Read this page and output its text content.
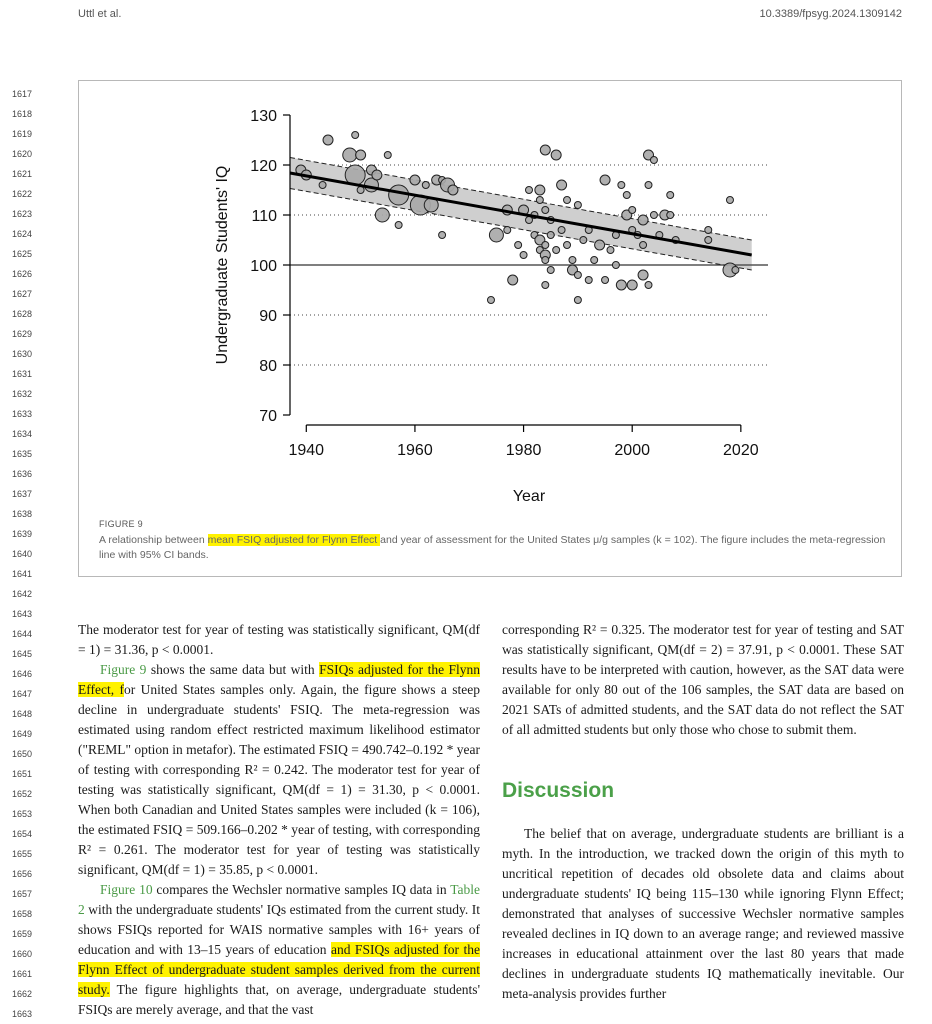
Uttl et al.	10.3389/fpsyg.2024.1309142
1617
1618
1619
1620
1621
1622
1623
1624
1625
1626
1627
1628
1629
1630
1631
1632
1633
1634
1635
1636
1637
1638
1639
1640
1641
1642
1643
1644
1645
1646
1647
1648
1649
1650
1651
1652
1653
1654
1655
1656
1657
1658
1659
1660
1661
1662
1663
70
80
90
100
110
120
130
1940	1960	1980	2000	2020
Year
Undergraduate Students' IQ
FIGURE 9
A relationship between mean FSIQ adjusted for Flynn Effect and year of assessment for the United States μ/g samples (k = 102). The figure includes the meta-regression line with 95% CI bands.

The moderator test for year of testing was statistically significant, QM(df = 1) = 31.36, p < 0.0001.

Figure 9 shows the same data but with FSIQs adjusted for the Flynn Effect, for United States samples only. Again, the figure shows a steep decline in undergraduate students' FSIQ. The meta-regression was estimated using random effect restricted maximum likelihood estimator ("REML" option in metafor). The estimated FSIQ = 490.742–0.192 * year of testing with corresponding R² = 0.242. The moderator test for year of testing was statistically significant, QM(df = 1) = 31.30, p < 0.0001. When both Canadian and United States samples were included (k = 106), the estimated FSIQ = 509.166–0.202 * year of testing, with corresponding R² = 0.261. The moderator test for year of testing was statistically significant, QM(df = 1) = 35.85, p < 0.0001.

Figure 10 compares the Wechsler normative samples IQ data in Table 2 with the undergraduate students' IQs estimated from the current study. It shows FSIQs reported for WAIS normative samples with 16+ years of education and with 13–15 years of education and FSIQs adjusted for the Flynn Effect of undergraduate student samples derived from the current study. The figure highlights that, on average, undergraduate students' FSIQs are merely average, and that the vast

corresponding R² = 0.325. The moderator test for year of testing and SAT was statistically significant, QM(df = 2) = 37.91, p < 0.0001. These SAT results have to be interpreted with caution, however, as the SAT data were available for only 80 out of the 106 samples, the SAT data are based on 2021 SATs of admitted students, and the SAT data do not reflect the SAT of all admitted students but only those who chose to submit them.

Discussion

The belief that on average, undergraduate students are brilliant is a myth. In the introduction, we tracked down the origin of this myth to uncritical repetition of decades old obsolete data and claims about undergraduate students' IQ being 115–130 while ignoring Flynn Effect; demonstrated that analyses of successive Wechsler normative samples revealed declines in IQ down to an average range; and reviewed massive increases in educational attainment over the last 80 years that made declines in undergraduate students IQ mathematically inevitable. Our meta-analysis provides further
